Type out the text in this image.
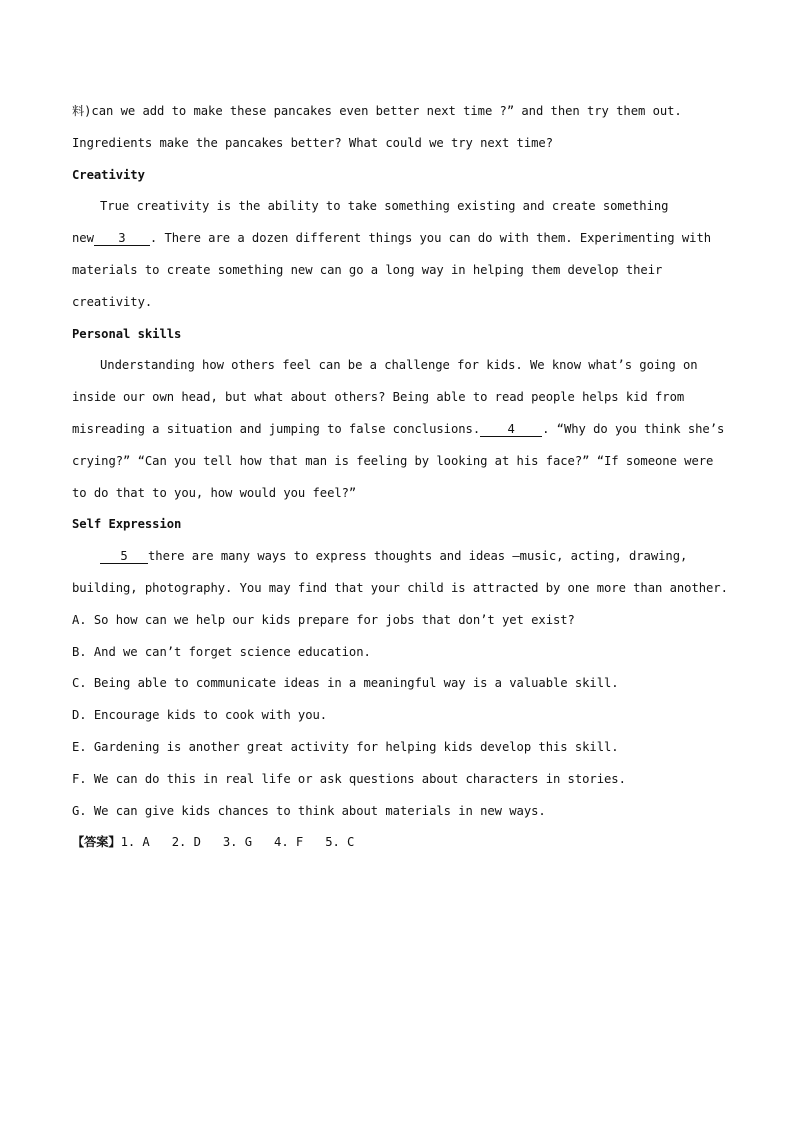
料)can we add to make these pancakes even better next time ?” and then try them out.
Ingredients make the pancakes better? What could we try next time?
Creativity
True creativity is the ability to take something existing and create something
new 3 . There are a dozen different things you can do with them. Experimenting with
materials to create something new can go a long way in helping them develop their
creativity.
Personal skills
Understanding how others feel can be a challenge for kids. We know what’s going on
inside our own head, but what about others? Being able to read people helps kid from
misreading a situation and jumping to false conclusions. 4 . “Why do you think she’s
crying?” “Can you tell how that man is feeling by looking at his face?” “If someone were
to do that to you, how would you feel?”
Self Expression
5 there are many ways to express thoughts and ideas –music, acting, drawing,
building, photography. You may find that your child is attracted by one more than another.
A. So how can we help our kids prepare for jobs that don’t yet exist?
B. And we can’t forget science education.
C. Being able to communicate ideas in a meaningful way is a valuable skill.
D. Encourage kids to cook with you.
E. Gardening is another great activity for helping kids develop this skill.
F. We can do this in real life or ask questions about characters in stories.
G. We can give kids chances to think about materials in new ways.
【答案】1. A 2. D 3. G 4. F 5. C
